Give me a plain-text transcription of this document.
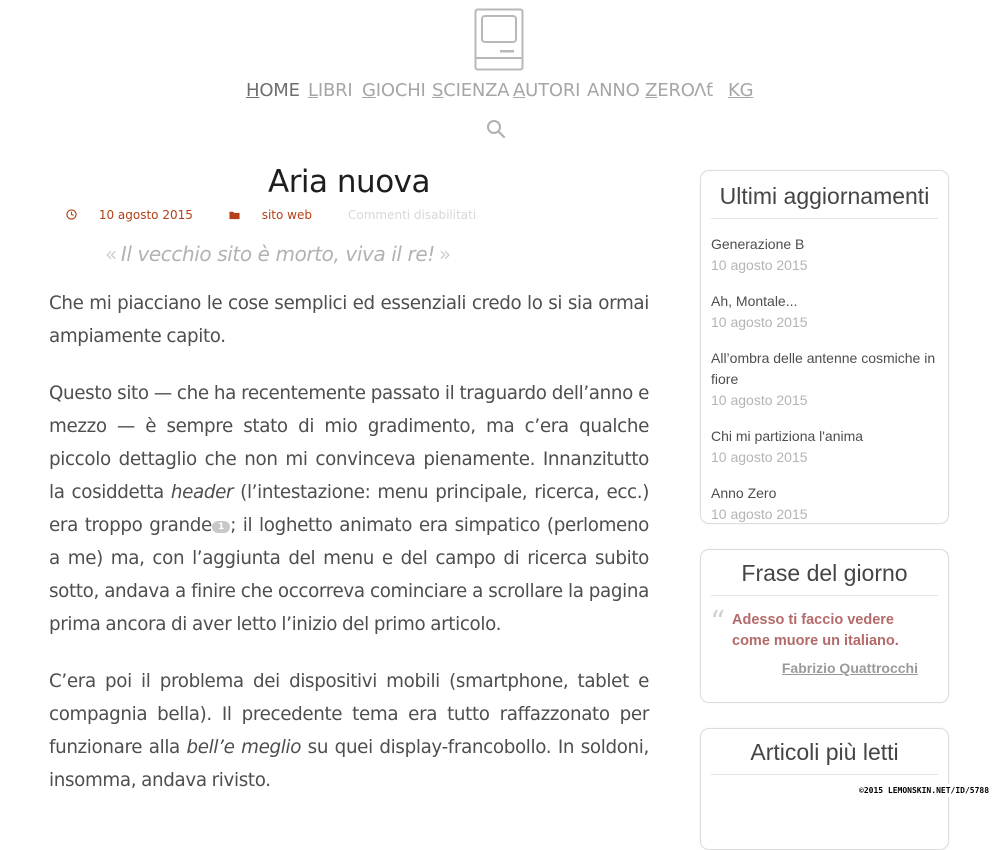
HOME LIBRI GIOCHI SCIENZA AUTORI ANNO ZERO Λƭ KG
Aria nuova
10 agosto 2015	sito web	Commenti disabilitati
« Il vecchio sito è morto, viva il re! »

Che mi piacciano le cose semplici ed essenziali credo lo si sia ormai ampiamente capito.

Questo sito — che ha recentemente passato il traguardo dell’anno e mezzo — è sempre stato di mio gradimento, ma c’era qualche piccolo dettaglio che non mi convinceva pienamente. Innanzitutto la cosiddetta header (l’intestazione: menu principale, ricerca, ecc.) era troppo grande 1 ; il loghetto animato era simpatico (perlomeno a me) ma, con l’aggiunta del menu e del campo di ricerca subito sotto, andava a finire che occorreva cominciare a scrollare la pagina prima ancora di aver letto l’inizio del primo articolo.

C’era poi il problema dei dispositivi mobili (smartphone, tablet e compagnia bella). Il precedente tema era tutto raffazzonato per funzionare alla bell’e meglio su quei display-francobollo. In soldoni, insomma, andava rivisto.

Ultimi aggiornamenti
Generazione B
10 agosto 2015
Ah, Montale...
10 agosto 2015
All’ombra delle antenne cosmiche in fiore
10 agosto 2015
Chi mi partiziona l'anima
10 agosto 2015
Anno Zero
10 agosto 2015
Frase del giorno
“ Adesso ti faccio vedere come muore un italiano.
Fabrizio Quattrocchi
Articoli più letti
©2015 LEMONSKIN.NET/ID/5788
